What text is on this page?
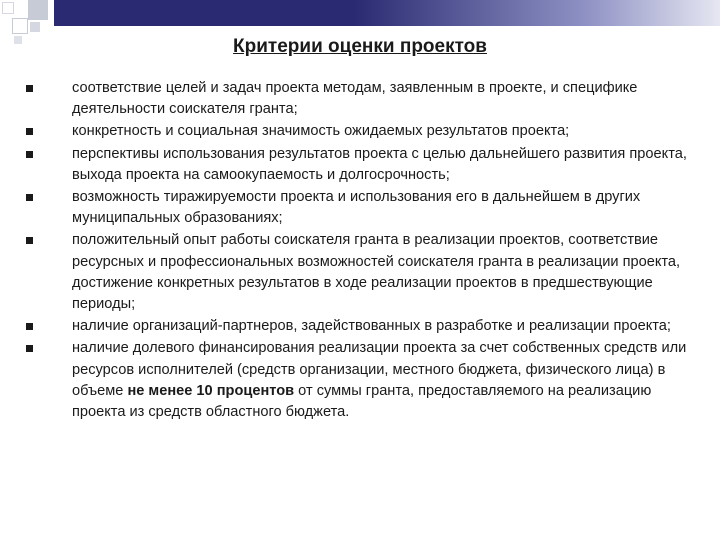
Критерии оценки проектов
соответствие целей и задач проекта методам, заявленным в проекте, и специфике деятельности соискателя гранта;
конкретность и социальная значимость ожидаемых результатов проекта;
перспективы использования результатов проекта с целью дальнейшего развития проекта, выхода проекта на самоокупаемость и долгосрочность;
возможность тиражируемости проекта и использования его в дальнейшем в других муниципальных образованиях;
положительный опыт работы соискателя гранта в реализации проектов, соответствие ресурсных и профессиональных возможностей соискателя гранта в реализации проекта, достижение конкретных результатов в ходе реализации проектов в предшествующие периоды;
наличие организаций-партнеров, задействованных в разработке и реализации проекта;
наличие долевого финансирования реализации проекта за счет собственных средств или ресурсов исполнителей (средств организации, местного бюджета, физического лица) в объеме не менее 10 процентов от суммы гранта, предоставляемого на реализацию проекта из средств областного бюджета.
